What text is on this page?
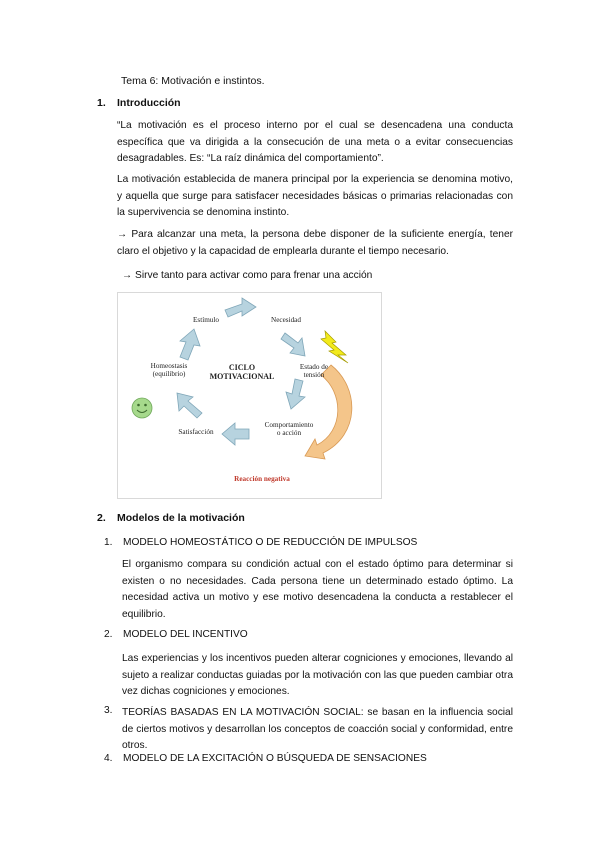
Tema 6: Motivación e instintos.
1. Introducción
“La motivación es el proceso interno por el cual se desencadena una conducta específica que va dirigida a la consecución de una meta o a evitar consecuencias desagradables. Es: “La raíz dinámica del comportamiento”.
La motivación establecida de manera principal por la experiencia se denomina motivo, y aquella que surge para satisfacer necesidades básicas o primarias relacionadas con la supervivencia se denomina instinto.
→ Para alcanzar una meta, la persona debe disponer de la suficiente energía, tener claro el objetivo y la capacidad de emplearla durante el tiempo necesario.
→ Sirve tanto para activar como para frenar una acción
Estímulo	Necesidad
Estado de
tensión
CICLO
MOTIVACIONAL
Homeostasis
(equilibrio)
Comportamiento
o acción
Satisfacción
Reacción negativa
2. Modelos de la motivación
1. MODELO HOMEOSTÁTICO O DE REDUCCIÓN DE IMPULSOS
El organismo compara su condición actual con el estado óptimo para determinar si existen o no necesidades. Cada persona tiene un determinado estado óptimo. La necesidad activa un motivo y ese motivo desencadena la conducta a restablecer el equilibrio.
2. MODELO DEL INCENTIVO
Las experiencias y los incentivos pueden alterar cogniciones y emociones, llevando al sujeto a realizar conductas guiadas por la motivación con las que pueden cambiar otra vez dichas cogniciones y emociones.
3. TEORÍAS BASADAS EN LA MOTIVACIÓN SOCIAL: se basan en la influencia social de ciertos motivos y desarrollan los conceptos de coacción social y conformidad, entre otros.
4. MODELO DE LA EXCITACIÓN O BÚSQUEDA DE SENSACIONES
